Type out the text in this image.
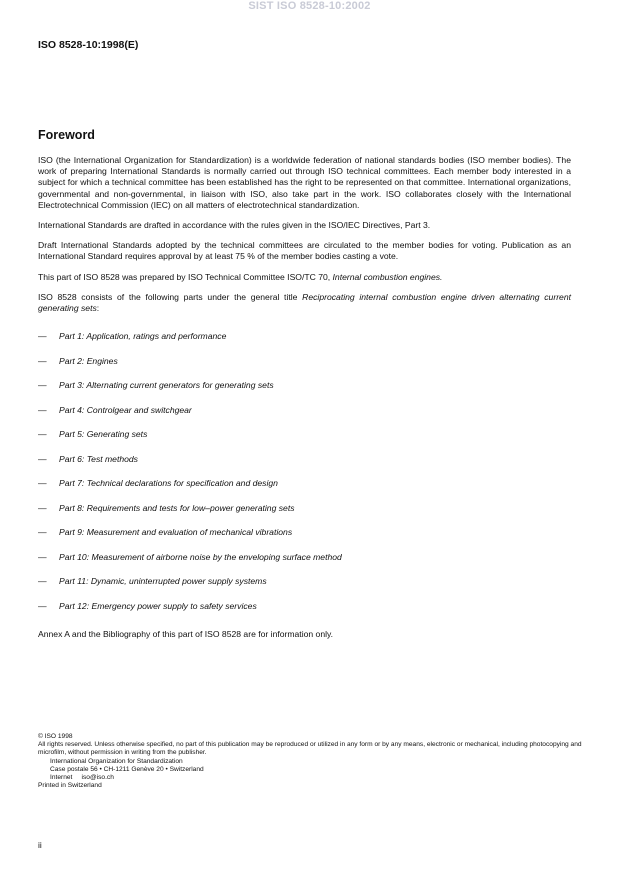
SIST ISO 8528-10:2002
ISO 8528-10:1998(E)
Foreword

ISO (the International Organization for Standardization) is a worldwide federation of national standards bodies (ISO member bodies). The work of preparing International Standards is normally carried out through ISO technical committees. Each member body interested in a subject for which a technical committee has been established has the right to be represented on that committee. International organizations, governmental and non-governmental, in liaison with ISO, also take part in the work. ISO collaborates closely with the International Electrotechnical Commission (IEC) on all matters of electrotechnical standardization.

International Standards are drafted in accordance with the rules given in the ISO/IEC Directives, Part 3.

Draft International Standards adopted by the technical committees are circulated to the member bodies for voting. Publication as an International Standard requires approval by at least 75 % of the member bodies casting a vote.

This part of ISO 8528 was prepared by ISO Technical Committee ISO/TC 70, Internal combustion engines.

ISO 8528 consists of the following parts under the general title Reciprocating internal combustion engine driven alternating current generating sets:

—	Part 1: Application, ratings and performance
—	Part 2: Engines
—	Part 3: Alternating current generators for generating sets
—	Part 4: Controlgear and switchgear
—	Part 5: Generating sets
—	Part 6: Test methods
—	Part 7: Technical declarations for specification and design
—	Part 8: Requirements and tests for low–power generating sets
—	Part 9: Measurement and evaluation of mechanical vibrations
—	Part 10: Measurement of airborne noise by the enveloping surface method
—	Part 11: Dynamic, uninterrupted power supply systems
—	Part 12: Emergency power supply to safety services

Annex A and the Bibliography of this part of ISO 8528 are for information only.

© ISO 1998
All rights reserved. Unless otherwise specified, no part of this publication may be reproduced or utilized in any form or by any means, electronic or mechanical, including photocopying and microfilm, without permission in writing from the publisher.
International Organization for Standardization
Case postale 56 • CH-1211 Genève 20 • Switzerland
Internet     iso@iso.ch
Printed in Switzerland
ii
